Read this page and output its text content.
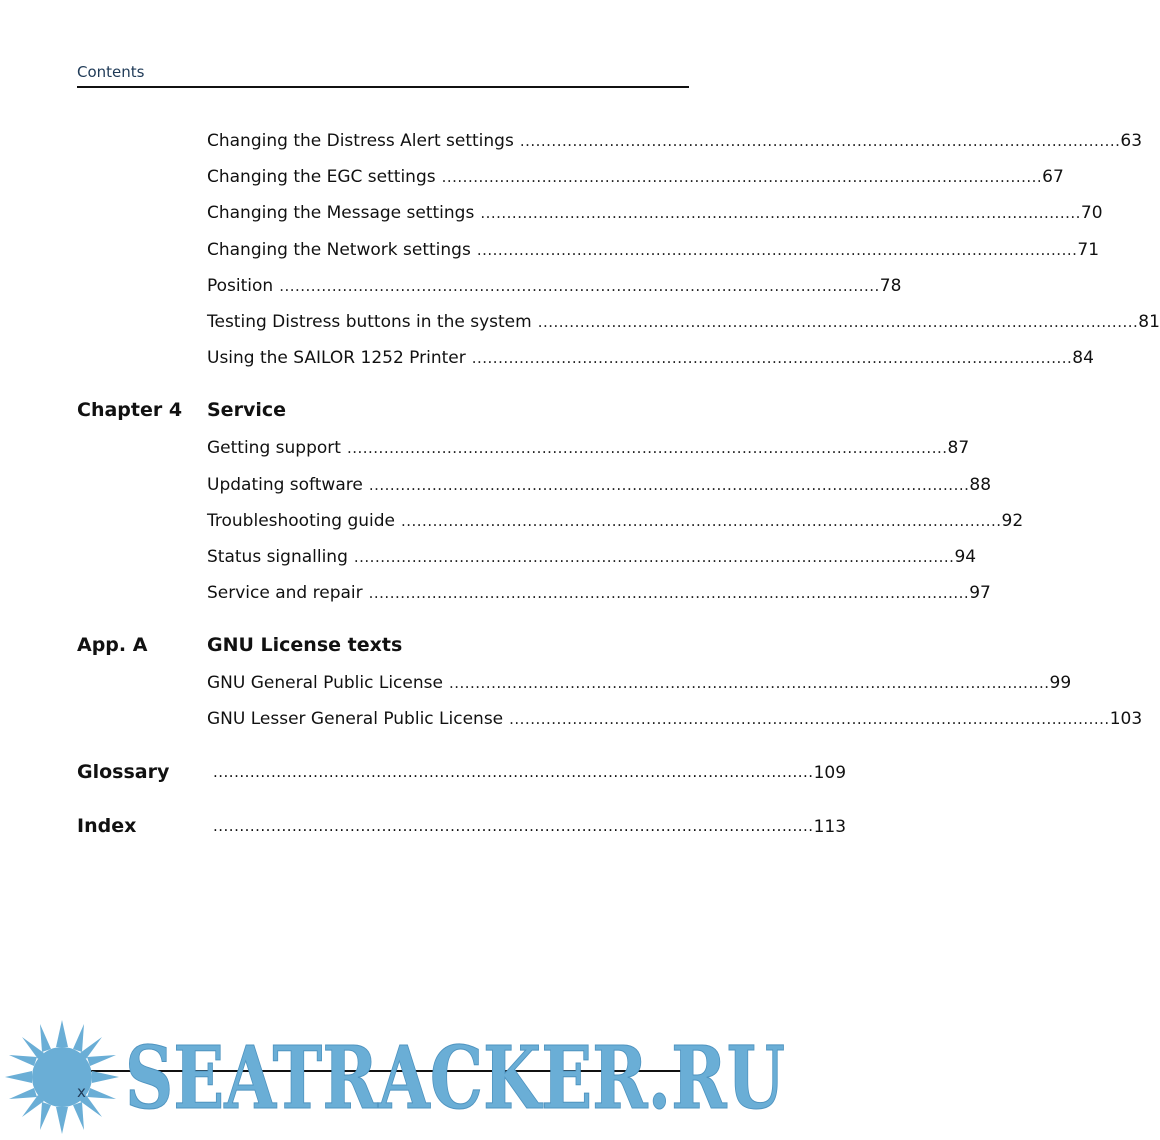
Contents
Changing the Distress Alert settings .................................................................................................................. 63
Changing the EGC settings .................................................................................................................. 67
Changing the Message settings .................................................................................................................. 70
Changing the Network settings .................................................................................................................. 71
Position .................................................................................................................. 78
Testing Distress buttons in the system .................................................................................................................. 81
Using the SAILOR 1252 Printer .................................................................................................................. 84
Chapter 4 Service
Getting support .................................................................................................................. 87
Updating software .................................................................................................................. 88
Troubleshooting guide .................................................................................................................. 92
Status signalling .................................................................................................................. 94
Service and repair .................................................................................................................. 97
App. A	GNU License texts
GNU General Public License .................................................................................................................. 99
GNU Lesser General Public License .................................................................................................................. 103
Glossary	.................................................................................................................. 109
Index	.................................................................................................................. 113
x SEATRACKER.RU
